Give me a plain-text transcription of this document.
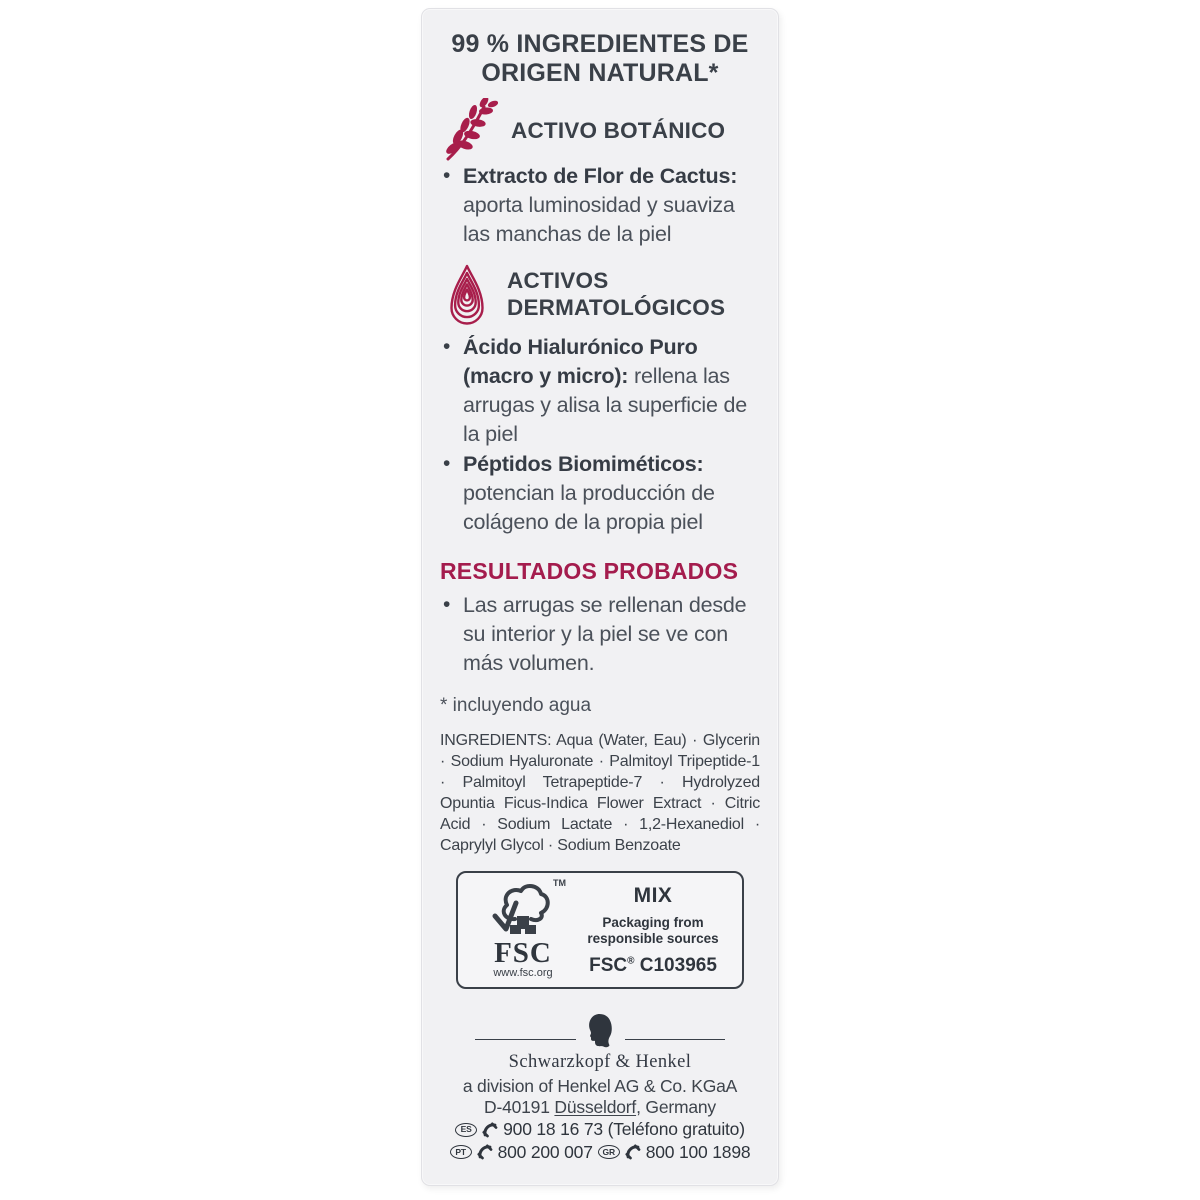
99 % INGREDIENTES DE
ORIGEN NATURAL*
ACTIVO BOTÁNICO
• Extracto de Flor de Cactus: aporta luminosidad y suaviza las manchas de la piel
ACTIVOS
DERMATOLÓGICOS
• Ácido Hialurónico Puro (macro y micro): rellena las arrugas y alisa la superficie de la piel
• Péptidos Biomiméticos: potencian la producción de colágeno de la propia piel
RESULTADOS PROBADOS
• Las arrugas se rellenan desde su interior y la piel se ve con más volumen.
* incluyendo agua

INGREDIENTS: Aqua (Water, Eau) · Glycerin · Sodium Hyaluronate · Palmitoyl Tripeptide-1 · Palmitoyl Tetrapeptide-7 · Hydrolyzed Opuntia Ficus-Indica Flower Extract · Citric Acid · Sodium Lactate · 1,2-Hexanediol · Caprylyl Glycol · Sodium Benzoate

TM
FSC
www.fsc.org
MIX
Packaging from
responsible sources
FSC® C103965
Schwarzkopf & Henkel
a division of Henkel AG & Co. KGaA
D-40191 Düsseldorf, Germany
ES	900 18 16 73 (Teléfono gratuito)
PT	800 200 007	GR 800 100 1898
